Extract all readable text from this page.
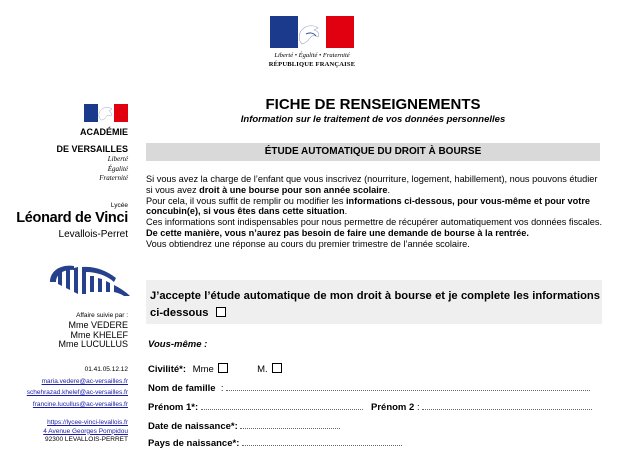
Liberté • Égalité • Fraternité
RÉPUBLIQUE FRANÇAISE
ACADÉMIE
DE VERSAILLES
Liberté
Égalité
Fraternité
Lycée
Léonard de Vinci
Levallois-Perret
Affaire suivie par :
Mme VEDERE
Mme KHELEF
Mme LUCULLUS
01.41.05.12.12
maria.vedere@ac-versailles.fr
schehrazad.khelef@ac-versailles.fr
francine.lucullus@ac-versailles.fr
https://lycee-vinci-levallois.fr
4 Avenue Georges Pompidou
92300 LEVALLOIS-PERRET
FICHE DE RENSEIGNEMENTS
Information sur le traitement de vos données personnelles
ÉTUDE AUTOMATIQUE DU DROIT À BOURSE

Si vous avez la charge de l’enfant que vous inscrivez (nourriture, logement, habillement), nous pouvons étudier si vous avez droit à une bourse pour son année scolaire.

Pour cela, il vous suffit de remplir ou modifier les informations ci-dessous, pour vous-même et pour votre concubin(e), si vous êtes dans cette situation.

Ces informations sont indispensables pour nous permettre de récupérer automatiquement vos données fiscales.

De cette manière, vous n’aurez pas besoin de faire une demande de bourse à la rentrée.

Vous obtiendrez une réponse au cours du premier trimestre de l’année scolaire.

J’accepte l’étude automatique de mon droit à bourse et je complete les informations ci-dessous
Vous-même :
Civilité*: Mme	M.
Nom de famille  :
Prénom 1*:	Prénom 2 :
Date de naissance*:
Pays de naissance*:
